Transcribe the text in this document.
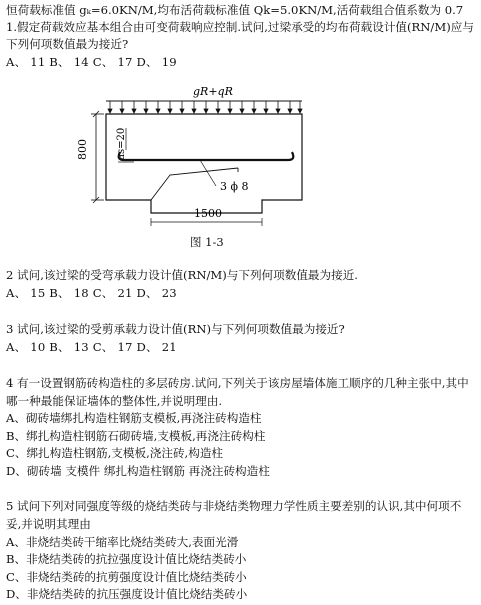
恒荷载标准值 gₖ=6.0KN/M,均布活荷载标准值 Qk=5.0KN/M,活荷载组合值系数为 0.7
1.假定荷载效应基本组合由可变荷载响应控制.试问,过梁承受的均布荷载设计值(RN/M)应与
下列何项数值最为接近?
A、 11 B、 14 C、 17 D、 19
gR+qR
800	as=20
3 ϕ 8
1500
图 1-3
2 试问,该过梁的受弯承载力设计值(RN/M)与下列何项数值最为接近.
A、 15 B、 18 C、 21 D、 23
3 试问,该过梁的受剪承载力设计值(RN)与下列何项数值最为接近?
A、 10 B、 13 C、 17 D、 21
4 有一设置钢筋砖构造柱的多层砖房.试问,下列关于该房屋墙体施工顺序的几种主张中,其中
哪一种最能保证墙体的整体性,并说明理由.
A、砌砖墙绑扎构造柱钢筋支模板,再浇注砖构造柱
B、绑扎构造柱钢筋石砌砖墙,支模板,再浇注砖构柱
C、绑扎构造柱钢筋,支模板,浇注砖,构造柱
D、砌砖墙 支模件 绑扎构造柱钢筋 再浇注砖构造柱
5 试问下列对同强度等级的烧结类砖与非烧结类物理力学性质主要差别的认识,其中何项不
妥,并说明其理由
A、非烧结类砖干缩率比烧结类砖大,表面光滑
B、非烧结类砖的抗拉强度设计值比烧结类砖小
C、非烧结类砖的抗剪强度设计值比烧结类砖小
D、非烧结类砖的抗压强度设计值比烧结类砖小
